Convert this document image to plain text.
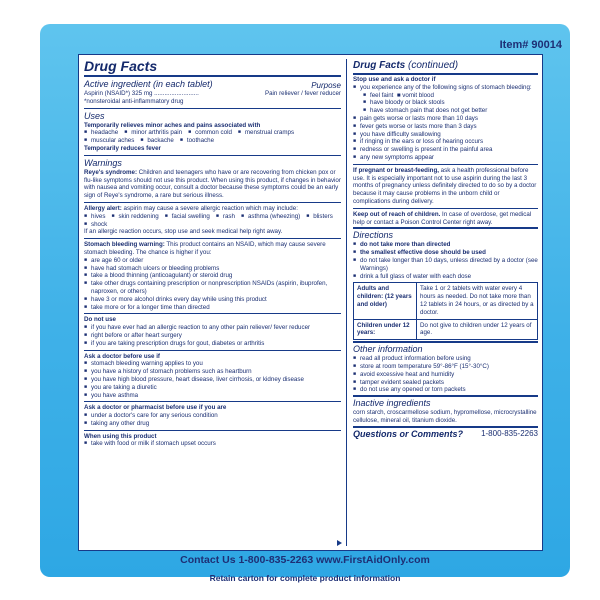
Item# 90014
Drug Facts
Active ingredient (in each tablet)	Purpose
Aspirin (NSAID*) 325 mg ..........................	Pain reliever / fever reducer

*nonsteroidal anti-inflammatory drug

Uses

Temporarily relieves minor aches and pains associated with

■ headache	■ minor arthritis pain	■ common cold	■ menstrual cramps
■ muscular aches	■ backache	■ toothache

Temporarily reduces fever

Warnings

Reye's syndrome: Children and teenagers who have or are recovering from chicken pox or flu-like symptoms should not use this product. When using this product, if changes in behavior with nausea and vomiting occur, consult a doctor because these symptoms could be an early sign of Reye's syndrome, a rare but serious illness.

Allergy alert: aspirin may cause a severe allergic reaction which may include:

■ hives	■ skin reddening	■ facial swelling	■ rash	■ asthma (wheezing)	■ blisters
■ shock

If an allergic reaction occurs, stop use and seek medical help right away.

Stomach bleeding warning: This product contains an NSAID, which may cause severe stomach bleeding. The chance is higher if you:

■ are age 60 or older
■ have had stomach ulcers or bleeding problems
■ take a blood thinning (anticoagulant) or steroid drug
■ take other drugs containing prescription or nonprescription NSAIDs (aspirin, ibuprofen, naproxen, or others)
■ have 3 or more alcohol drinks every day while using this product
■ take more or for a longer time than directed

Do not use

■ if you have ever had an allergic reaction to any other pain reliever/ fever reducer
■ right before or after heart surgery
■ if you are taking prescription drugs for gout, diabetes or arthritis

Ask a doctor before use if

■ stomach bleeding warning applies to you
■ you have a history of stomach problems such as heartburn
■ you have high blood pressure, heart disease, liver cirrhosis, or kidney disease
■ you are taking a diuretic
■ you have asthma

Ask a doctor or pharmacist before use if you are

■ under a doctor's care for any serious condition
■ taking any other drug

When using this product

■ take with food or milk if stomach upset occurs
Drug Facts (continued)

Stop use and ask a doctor if

■ you experience any of the following signs of stomach bleeding:
■ feel faint  ■ vomit blood
■ have bloody or black stools
■ have stomach pain that does not get better
■ pain gets worse or lasts more than 10 days
■ fever gets worse or lasts more than 3 days
■ you have difficulty swallowing
■ if ringing in the ears or loss of hearing occurs
■ redness or swelling is present in the painful area
■ any new symptoms appear

If pregnant or breast-feeding, ask a health professional before use. It is especially important not to use aspirin during the last 3 months of pregnancy unless definitely directed to do so by a doctor because it may cause problems in the unborn child or complications during delivery.

Keep out of reach of children. In case of overdose, get medical help or contact a Poison Control Center right away.

Directions
■ do not take more than directed
■ the smallest effective dose should be used
■ do not take longer than 10 days, unless directed by a doctor (see Warnings)
■ drink a full glass of water with each dose
Adults and children: (12 years and older)	Take 1 or 2 tablets with water every 4 hours as needed. Do not take more than 12 tablets in 24 hours, or as directed by a doctor.
Children under 12 years:	Do not give to children under 12 years of age.
Other information
■ read all product information before using
■ store at room temperature 59°-86°F (15°-30°C)
■ avoid excessive heat and humidity
■ tamper evident sealed packets
■ do not use any opened or torn packets
Inactive ingredients

corn starch, croscarmellose sodium, hypromellose, microcrystalline cellulose, mineral oil, titanium dioxide.

Questions or Comments? 1-800-835-2263
Contact Us 1-800-835-2263 www.FirstAidOnly.com
Retain carton for complete product information
